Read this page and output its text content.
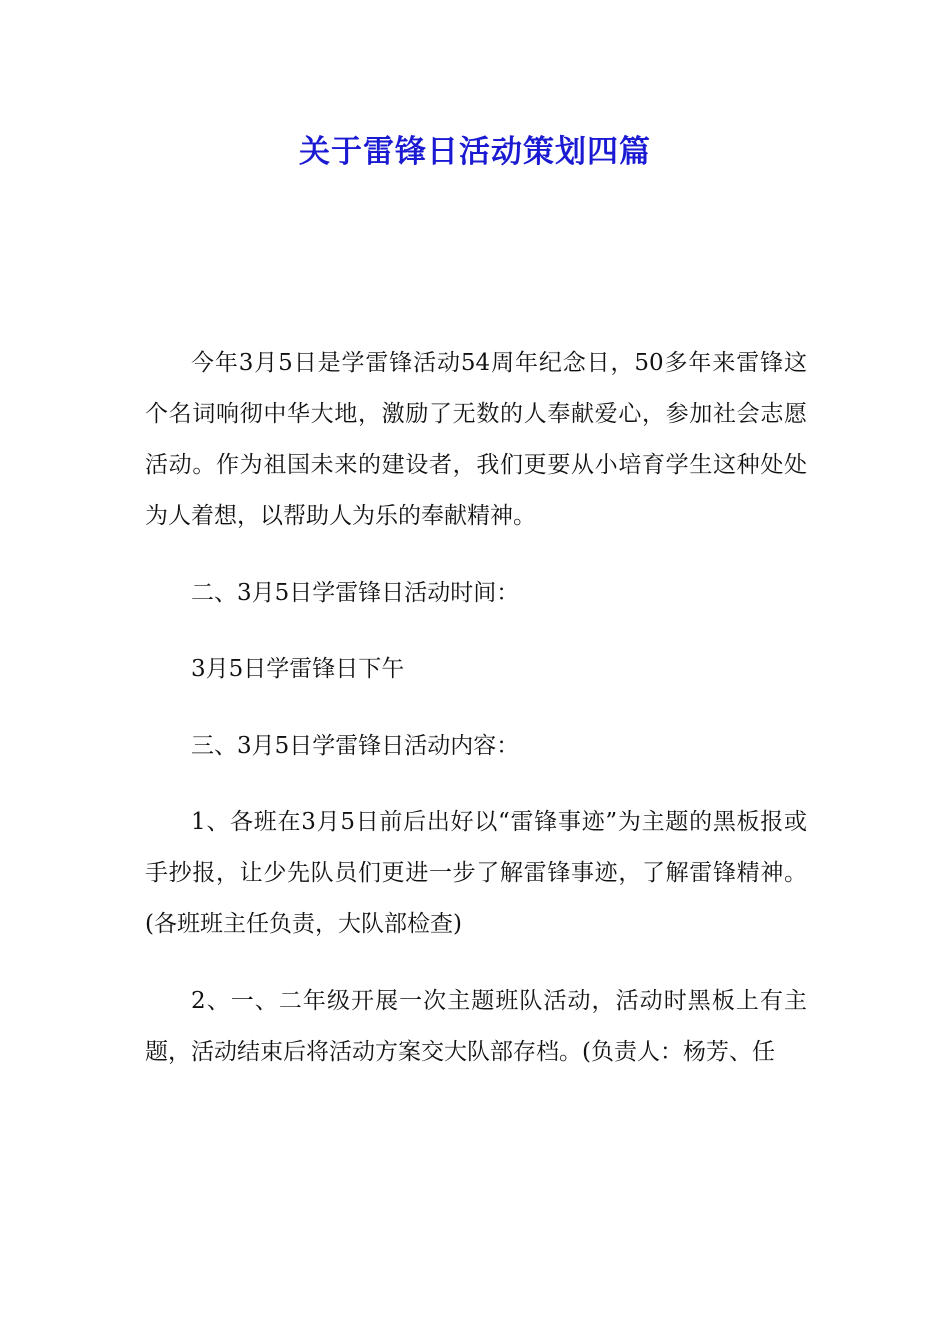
关于雷锋日活动策划四篇

今年3月5日是学雷锋活动54周年纪念日，50多年来雷锋这个名词响彻中华大地，激励了无数的人奉献爱心，参加社会志愿活动。作为祖国未来的建设者，我们更要从小培育学生这种处处为人着想，以帮助人为乐的奉献精神。

二、3月5日学雷锋日活动时间：

3月5日学雷锋日下午

三、3月5日学雷锋日活动内容：

1、各班在3月5日前后出好以“雷锋事迹”为主题的黑板报或手抄报，让少先队员们更进一步了解雷锋事迹，了解雷锋精神。(各班班主任负责，大队部检查)

2、一、二年级开展一次主题班队活动，活动时黑板上有主题，活动结束后将活动方案交大队部存档。(负责人：杨芳、任
